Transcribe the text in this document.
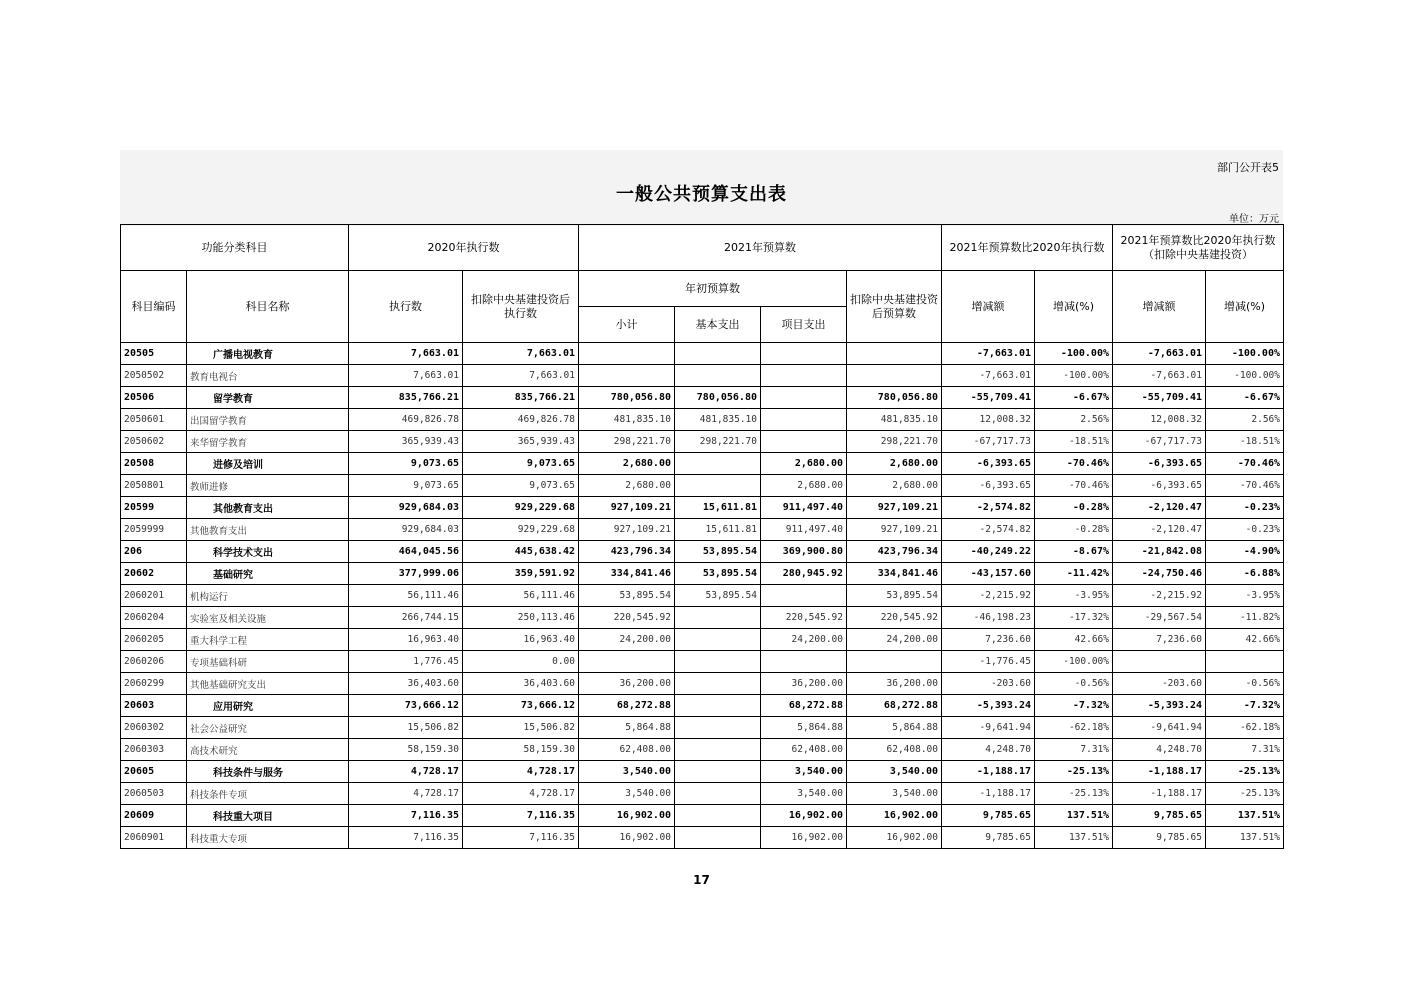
部门公开表5
一般公共预算支出表
单位：万元
功能分类科目		2020年执行数		2021年预算数				2021年预算数比2020年执行数		2021年预算数比2020年执行数（扣除中央基建投资）	
科目编码	科目名称	执行数	扣除中央基建投资后执行数	年初预算数			扣除中央基建投资后预算数	增减额	增减(%)	增减额	增减(%)
				小计	基本支出	项目支出					
20505	广播电视教育	7,663.01	7,663.01					-7,663.01	-100.00%	-7,663.01	-100.00%
2050502	教育电视台	7,663.01	7,663.01					-7,663.01	-100.00%	-7,663.01	-100.00%
20506	留学教育	835,766.21	835,766.21	780,056.80	780,056.80		780,056.80	-55,709.41	-6.67%	-55,709.41	-6.67%
2050601	出国留学教育	469,826.78	469,826.78	481,835.10	481,835.10		481,835.10	12,008.32	2.56%	12,008.32	2.56%
2050602	来华留学教育	365,939.43	365,939.43	298,221.70	298,221.70		298,221.70	-67,717.73	-18.51%	-67,717.73	-18.51%
20508	进修及培训	9,073.65	9,073.65	2,680.00		2,680.00	2,680.00	-6,393.65	-70.46%	-6,393.65	-70.46%
2050801	教师进修	9,073.65	9,073.65	2,680.00		2,680.00	2,680.00	-6,393.65	-70.46%	-6,393.65	-70.46%
20599	其他教育支出	929,684.03	929,229.68	927,109.21	15,611.81	911,497.40	927,109.21	-2,574.82	-0.28%	-2,120.47	-0.23%
2059999	其他教育支出	929,684.03	929,229.68	927,109.21	15,611.81	911,497.40	927,109.21	-2,574.82	-0.28%	-2,120.47	-0.23%
206	科学技术支出	464,045.56	445,638.42	423,796.34	53,895.54	369,900.80	423,796.34	-40,249.22	-8.67%	-21,842.08	-4.90%
20602	基础研究	377,999.06	359,591.92	334,841.46	53,895.54	280,945.92	334,841.46	-43,157.60	-11.42%	-24,750.46	-6.88%
2060201	机构运行	56,111.46	56,111.46	53,895.54	53,895.54		53,895.54	-2,215.92	-3.95%	-2,215.92	-3.95%
2060204	实验室及相关设施	266,744.15	250,113.46	220,545.92		220,545.92	220,545.92	-46,198.23	-17.32%	-29,567.54	-11.82%
2060205	重大科学工程	16,963.40	16,963.40	24,200.00		24,200.00	24,200.00	7,236.60	42.66%	7,236.60	42.66%
2060206	专项基础科研	1,776.45	0.00					-1,776.45	-100.00%		
2060299	其他基础研究支出	36,403.60	36,403.60	36,200.00		36,200.00	36,200.00	-203.60	-0.56%	-203.60	-0.56%
20603	应用研究	73,666.12	73,666.12	68,272.88		68,272.88	68,272.88	-5,393.24	-7.32%	-5,393.24	-7.32%
2060302	社会公益研究	15,506.82	15,506.82	5,864.88		5,864.88	5,864.88	-9,641.94	-62.18%	-9,641.94	-62.18%
2060303	高技术研究	58,159.30	58,159.30	62,408.00		62,408.00	62,408.00	4,248.70	7.31%	4,248.70	7.31%
20605	科技条件与服务	4,728.17	4,728.17	3,540.00		3,540.00	3,540.00	-1,188.17	-25.13%	-1,188.17	-25.13%
2060503	科技条件专项	4,728.17	4,728.17	3,540.00		3,540.00	3,540.00	-1,188.17	-25.13%	-1,188.17	-25.13%
20609	科技重大项目	7,116.35	7,116.35	16,902.00		16,902.00	16,902.00	9,785.65	137.51%	9,785.65	137.51%
2060901	科技重大专项	7,116.35	7,116.35	16,902.00		16,902.00	16,902.00	9,785.65	137.51%	9,785.65	137.51%
17
